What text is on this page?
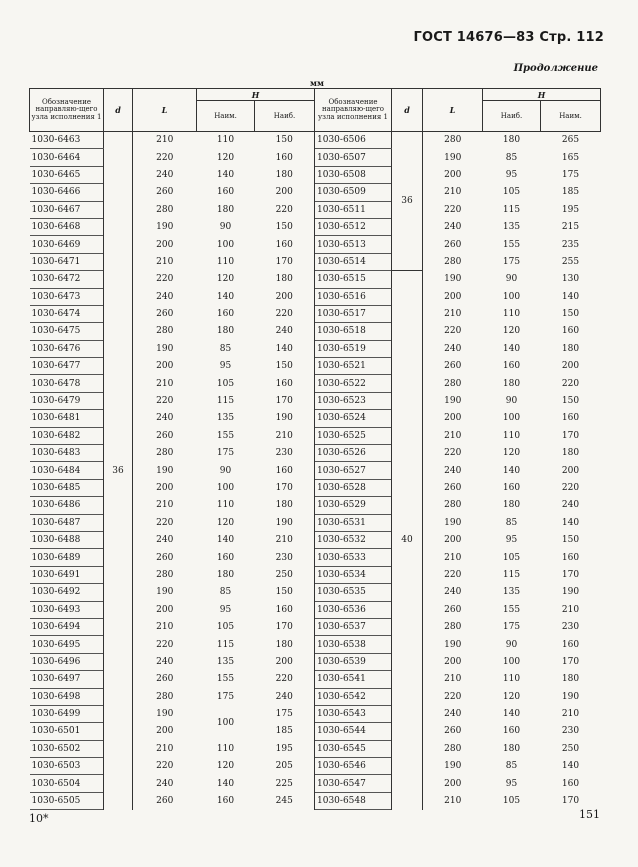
ГОСТ 14676—83 Стр. 112
Продолжение
мм
Обозначение направляю-щего узла исполнения 1	d	L	H		Обозначение направляю-щего узла исполнения 1	d	L	H	
			Наим.	Наиб.				Наиб.	Наим.
1030-6463	36	210	110	150	1030-6506	36	280	180	265
1030-6464		220	120	160	1030-6507		190	85	165
1030-6465		240	140	180	1030-6508		200	95	175
1030-6466		260	160	200	1030-6509		210	105	185
1030-6467		280	180	220	1030-6511		220	115	195
1030-6468		190	90	150	1030-6512		240	135	215
1030-6469		200	100	160	1030-6513		260	155	235
1030-6471		210	110	170	1030-6514		280	175	255
1030-6472		220	120	180	1030-6515	40	190	90	130
1030-6473		240	140	200	1030-6516		200	100	140
1030-6474		260	160	220	1030-6517		210	110	150
1030-6475		280	180	240	1030-6518		220	120	160
1030-6476		190	85	140	1030-6519		240	140	180
1030-6477		200	95	150	1030-6521		260	160	200
1030-6478		210	105	160	1030-6522		280	180	220
1030-6479		220	115	170	1030-6523		190	90	150
1030-6481		240	135	190	1030-6524		200	100	160
1030-6482		260	155	210	1030-6525		210	110	170
1030-6483		280	175	230	1030-6526		220	120	180
1030-6484		190	90	160	1030-6527		240	140	200
1030-6485		200	100	170	1030-6528		260	160	220
1030-6486		210	110	180	1030-6529		280	180	240
1030-6487		220	120	190	1030-6531		190	85	140
1030-6488		240	140	210	1030-6532		200	95	150
1030-6489		260	160	230	1030-6533		210	105	160
1030-6491		280	180	250	1030-6534		220	115	170
1030-6492		190	85	150	1030-6535		240	135	190
1030-6493		200	95	160	1030-6536		260	155	210
1030-6494		210	105	170	1030-6537		280	175	230
1030-6495		220	115	180	1030-6538		190	90	160
1030-6496		240	135	200	1030-6539		200	100	170
1030-6497		260	155	220	1030-6541		210	110	180
1030-6498		280	175	240	1030-6542		220	120	190
1030-6499		190	100	175	1030-6543		240	140	210
1030-6501		200		185	1030-6544		260	160	230
1030-6502		210	110	195	1030-6545		280	180	250
1030-6503		220	120	205	1030-6546		190	85	140
1030-6504		240	140	225	1030-6547		200	95	160
1030-6505		260	160	245	1030-6548		210	105	170
10*	151
